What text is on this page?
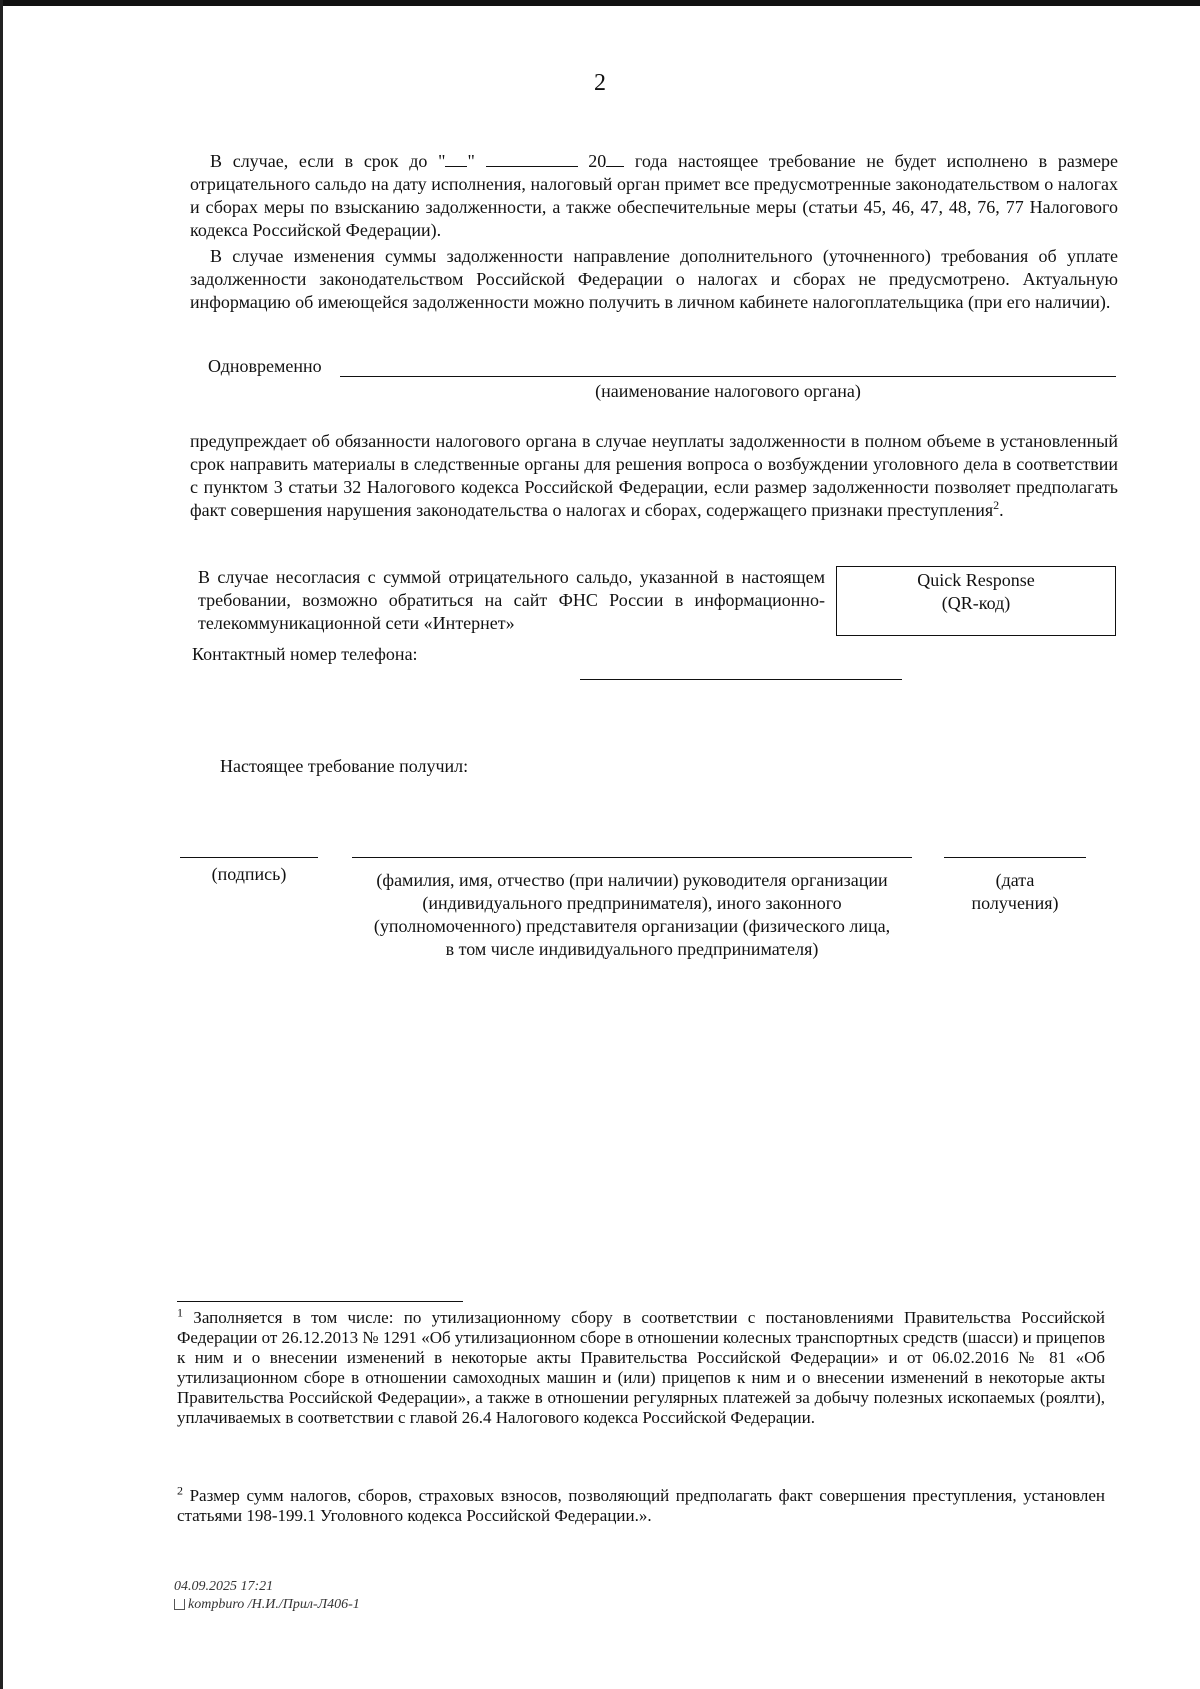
2
В случае, если в срок до " "	20 года настоящее требование не будет исполнено в размере отрицательного сальдо на дату исполнения, налоговый орган примет все предусмотренные законодательством о налогах и сборах меры по взысканию задолженности, а также обеспечительные меры (статьи 45, 46, 47, 48, 76, 77 Налогового кодекса Российской Федерации).
В случае изменения суммы задолженности направление дополнительного (уточненного) требования об уплате задолженности законодательством Российской Федерации о налогах и сборах не предусмотрено. Актуальную информацию об имеющейся задолженности можно получить в личном кабинете налогоплательщика (при его наличии).
Одновременно
(наименование налогового органа)
предупреждает об обязанности налогового органа в случае неуплаты задолженности в полном объеме в установленный срок направить материалы в следственные органы для решения вопроса о возбуждении уголовного дела в соответствии с пунктом 3 статьи 32 Налогового кодекса Российской Федерации, если размер задолженности позволяет предполагать факт совершения нарушения законодательства о налогах и сборах, содержащего признаки преступления$^2$.
В случае несогласия с суммой отрицательного сальдо, указанной в настоящем требовании, возможно обратиться на сайт ФНС России в информационно-телекоммуникационной сети «Интернет»
Quick Response
(QR-код)
Контактный номер телефона:
Настоящее требование получил:
(подпись)	(фамилия, имя, отчество (при наличии) руководителя организации (индивидуального предпринимателя), иного законного (уполномоченного) представителя организации (физического лица, в том числе индивидуального предпринимателя)
(дата получения)
$^1$ Заполняется в том числе: по утилизационному сбору в соответствии с постановлениями Правительства Российской Федерации от 26.12.2013 № 1291 «Об утилизационном сборе в отношении колесных транспортных средств (шасси) и прицепов к ним и о внесении изменений в некоторые акты Правительства Российской Федерации» и от 06.02.2016 № 81 «Об утилизационном сборе в отношении самоходных машин и (или) прицепов к ним и о внесении изменений в некоторые акты Правительства Российской Федерации», а также в отношении регулярных платежей за добычу полезных ископаемых (роялти), уплачиваемых в соответствии с главой 26.4 Налогового кодекса Российской Федерации.
$^2$ Размер сумм налогов, сборов, страховых взносов, позволяющий предполагать факт совершения преступления, установлен статьями 198-199.1 Уголовного кодекса Российской Федерации.».
04.09.2025 17:21
kompburo /Н.И./Прил-Л406-1
